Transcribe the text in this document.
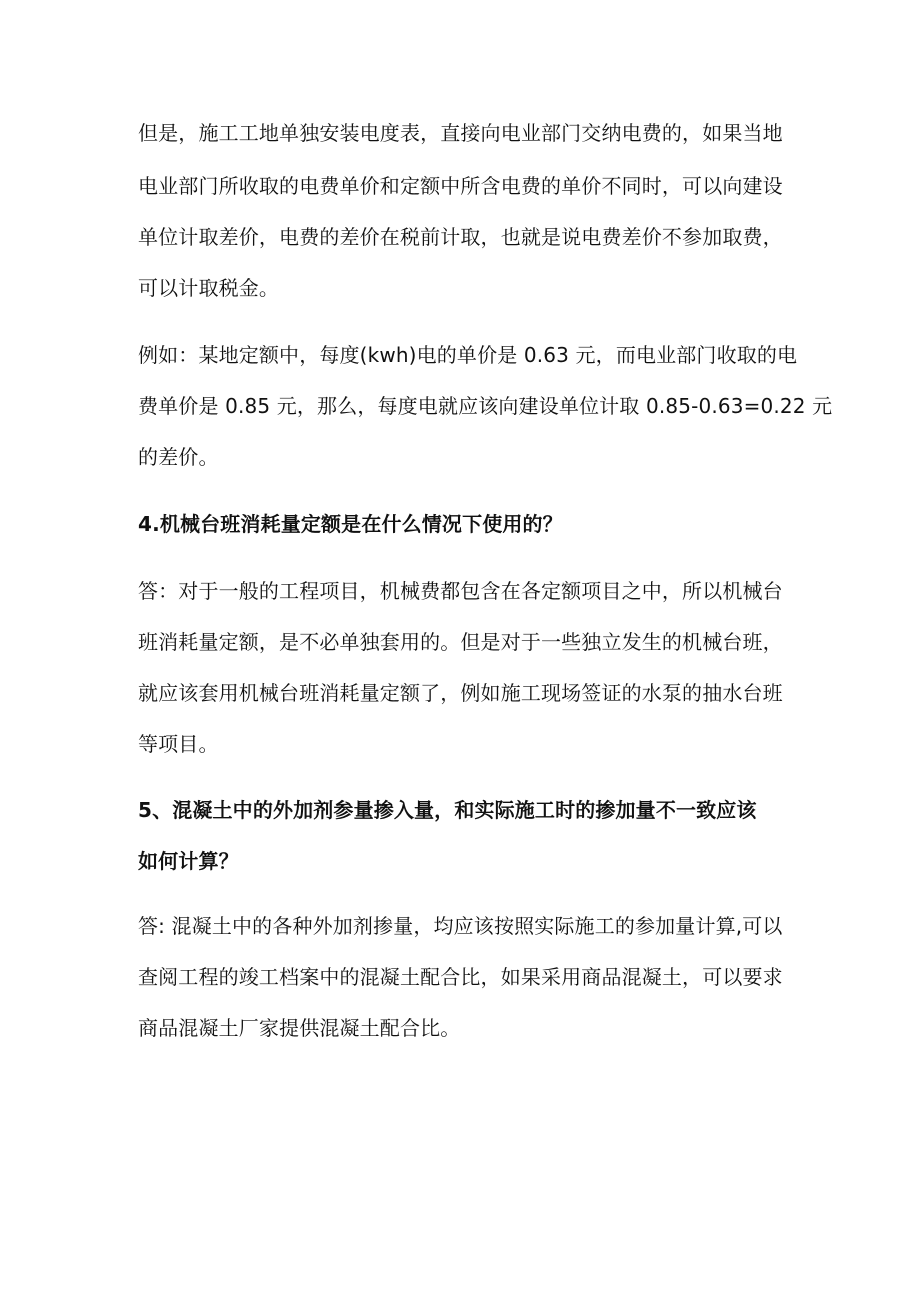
但是，施工工地单独安装电度表，直接向电业部门交纳电费的，如果当地
电业部门所收取的电费单价和定额中所含电费的单价不同时，可以向建设
单位计取差价，电费的差价在税前计取，也就是说电费差价不参加取费，
可以计取税金。
例如：某地定额中，每度(kwh)电的单价是 0.63 元，而电业部门收取的电
费单价是 0.85 元，那么，每度电就应该向建设单位计取 0.85-0.63=0.22 元
的差价。
4.机械台班消耗量定额是在什么情况下使用的？
答：对于一般的工程项目，机械费都包含在各定额项目之中，所以机械台
班消耗量定额，是不必单独套用的。但是对于一些独立发生的机械台班，
就应该套用机械台班消耗量定额了，例如施工现场签证的水泵的抽水台班
等项目。
5、混凝土中的外加剂参量掺入量，和实际施工时的掺加量不一致应该
如何计算？
答: 混凝土中的各种外加剂掺量，均应该按照实际施工的参加量计算,可以
查阅工程的竣工档案中的混凝土配合比，如果采用商品混凝土，可以要求
商品混凝土厂家提供混凝土配合比。
